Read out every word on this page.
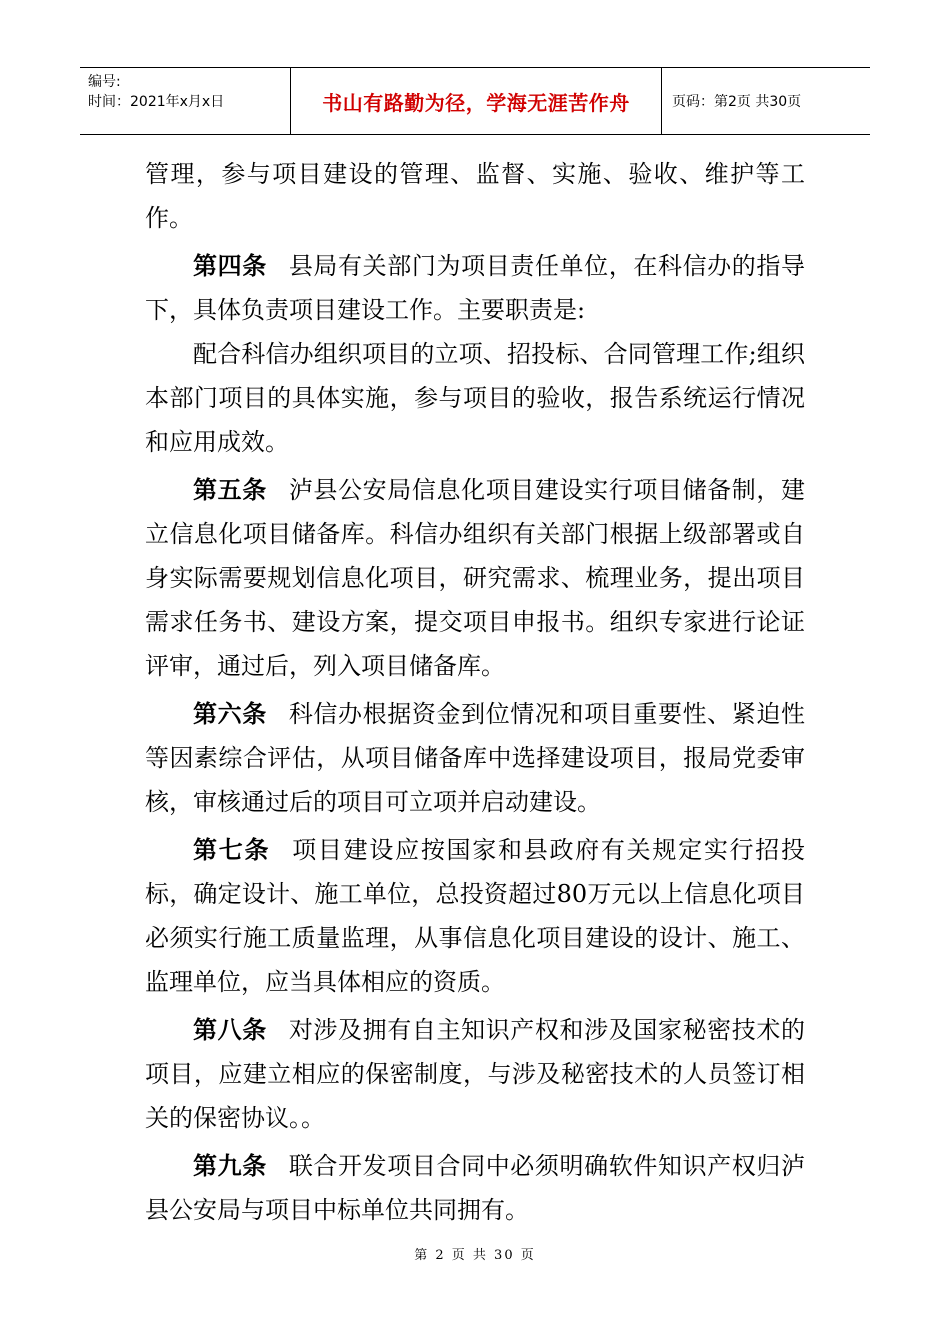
编号:
时间：2021年x月x日	书山有路勤为径，学海无涯苦作舟	页码：第2页 共30页

管理，参与项目建设的管理、监督、实施、验收、维护等工作。

第四条 县局有关部门为项目责任单位，在科信办的指导下，具体负责项目建设工作。主要职责是:

配合科信办组织项目的立项、招投标、合同管理工作;组织本部门项目的具体实施，参与项目的验收，报告系统运行情况和应用成效。

第五条 泸县公安局信息化项目建设实行项目储备制，建立信息化项目储备库。科信办组织有关部门根据上级部署或自身实际需要规划信息化项目，研究需求、梳理业务，提出项目需求任务书、建设方案，提交项目申报书。组织专家进行论证评审，通过后，列入项目储备库。

第六条 科信办根据资金到位情况和项目重要性、紧迫性等因素综合评估，从项目储备库中选择建设项目，报局党委审核，审核通过后的项目可立项并启动建设。

第七条 项目建设应按国家和县政府有关规定实行招投标，确定设计、施工单位，总投资超过80万元以上信息化项目必须实行施工质量监理，从事信息化项目建设的设计、施工、监理单位，应当具体相应的资质。

第八条 对涉及拥有自主知识产权和涉及国家秘密技术的项目，应建立相应的保密制度，与涉及秘密技术的人员签订相关的保密协议。。

第九条 联合开发项目合同中必须明确软件知识产权归泸县公安局与项目中标单位共同拥有。

第 2 页 共 30 页
